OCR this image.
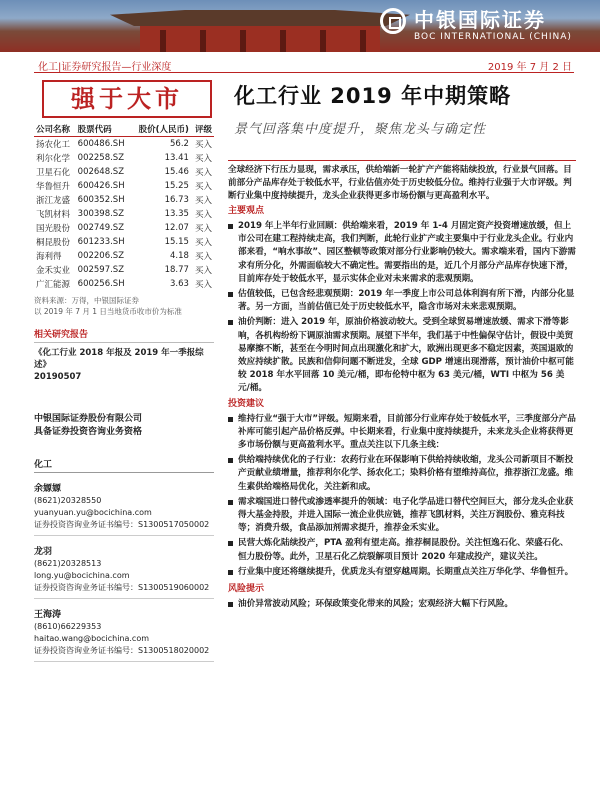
中银国际证券
BOC INTERNATIONAL (CHINA)
化工|证券研究报告—行业深度	2019 年 7 月 2 日
强于大市
公司名称	股票代码	股价(人民币)	评级
扬农化工	600486.SH	56.2	买入
利尔化学	002258.SZ	13.41	买入
卫星石化	002648.SZ	15.46	买入
华鲁恒升	600426.SH	15.25	买入
浙江龙盛	600352.SH	16.73	买入
飞凯材料	300398.SZ	13.35	买入
国光股份	002749.SZ	12.07	买入
桐昆股份	601233.SH	15.15	买入
海利得	002206.SZ	4.18	买入
金禾实业	002597.SZ	18.77	买入
广汇能源	600256.SH	3.63	买入
资料来源：万得，中银国际证券
以 2019 年 7 月 1 日当地货币收市价为标准
相关研究报告
《化工行业 2018 年报及 2019 年一季报综述》
20190507
中银国际证券股份有限公司
具备证券投资咨询业务资格
化工
余嫄嫄
(8621)20328550
yuanyuan.yu@bocichina.com
证券投资咨询业务证书编号：S1300517050002
龙羽
(8621)20328513
long.yu@bocichina.com
证券投资咨询业务证书编号：S1300519060002
王海涛
(8610)66229353
haitao.wang@bocichina.com
证券投资咨询业务证书编号：S1300518020002
化工行业 2019 年中期策略
景气回落集中度提升，聚焦龙头与确定性
全球经济下行压力显现，需求承压，供给端新一轮扩产产能将陆续投放，行业景气回落。目前部分产品库存处于较低水平，行业估值亦处于历史较低分位。维持行业强于大市评级。判断行业集中度持续提升，龙头企业获得更多市场份额与更高盈利水平。
主要观点
2019 年上半年行业回顾：供给端来看，2019 年 1-4 月固定资产投资增速放缓，但上市公司在建工程持续走高，我们判断，此轮行业扩产或主要集中于行业龙头企业。行业内部来看，“响水事故”、园区整顿等政策对部分行业影响仍较大。需求端来看，国内下游需求有所分化，外需面临较大不确定性。需要指出的是，近几个月部分产品库存快速下滑，目前库存处于较低水平，显示实体企业对未来需求的悲观预期。
估值较低，已包含经悲观预期：2019 年一季度上市公司总体利润有所下滑，内部分化显著。另一方面，当前估值已处于历史较低水平，隐含市场对未来悲观预期。
油价判断：进入 2019 年，原油价格波动较大。受到全球贸易增速放缓、需求下滑等影响，各机构纷纷下调原油需求预期。展望下半年，我们基于中性偏保守估计，假设中美贸易摩擦不断，甚至在今明时间点出现激化和扩大，欧洲出现更多不稳定因素，英国退欧的效应持续扩散。民族和信仰问题不断迸发，全球 GDP 增速出现滑落，预计油价中枢可能较 2018 年水平回落 10 美元/桶，即布伦特中枢为 63 美元/桶，WTI 中枢为 56 美元/桶。
投资建议
维持行业“强于大市”评级。短期来看，目前部分行业库存处于较低水平，三季度部分产品补库可能引起产品价格反弹。中长期来看，行业集中度持续提升，未来龙头企业将获得更多市场份额与更高盈利水平。重点关注以下几条主线：
供给端持续优化的子行业：农药行业在环保影响下供给持续收缩，龙头公司新项目不断投产贡献业绩增量，推荐利尔化学、扬农化工；染料价格有望维持高位，推荐浙江龙盛。维生素供给端格局优化，关注新和成。
需求端国进口替代或渗透率提升的领域：电子化学品进口替代空间巨大，部分龙头企业获得大基金持股，并进入国际一流企业供应链，推荐飞凯材料，关注万润股份、雅克科技等；消费升级，食品添加剂需求提升，推荐金禾实业。
民营大炼化陆续投产，PTA 盈利有望走高。推荐桐昆股份。关注恒逸石化、荣盛石化、恒力股份等。此外，卫星石化乙烷裂解项目预计 2020 年建成投产，建议关注。
行业集中度还将继续提升，优质龙头有望穿越周期。长期重点关注万华化学、华鲁恒升。
风险提示
油价异常波动风险；环保政策变化带来的风险；宏观经济大幅下行风险。
